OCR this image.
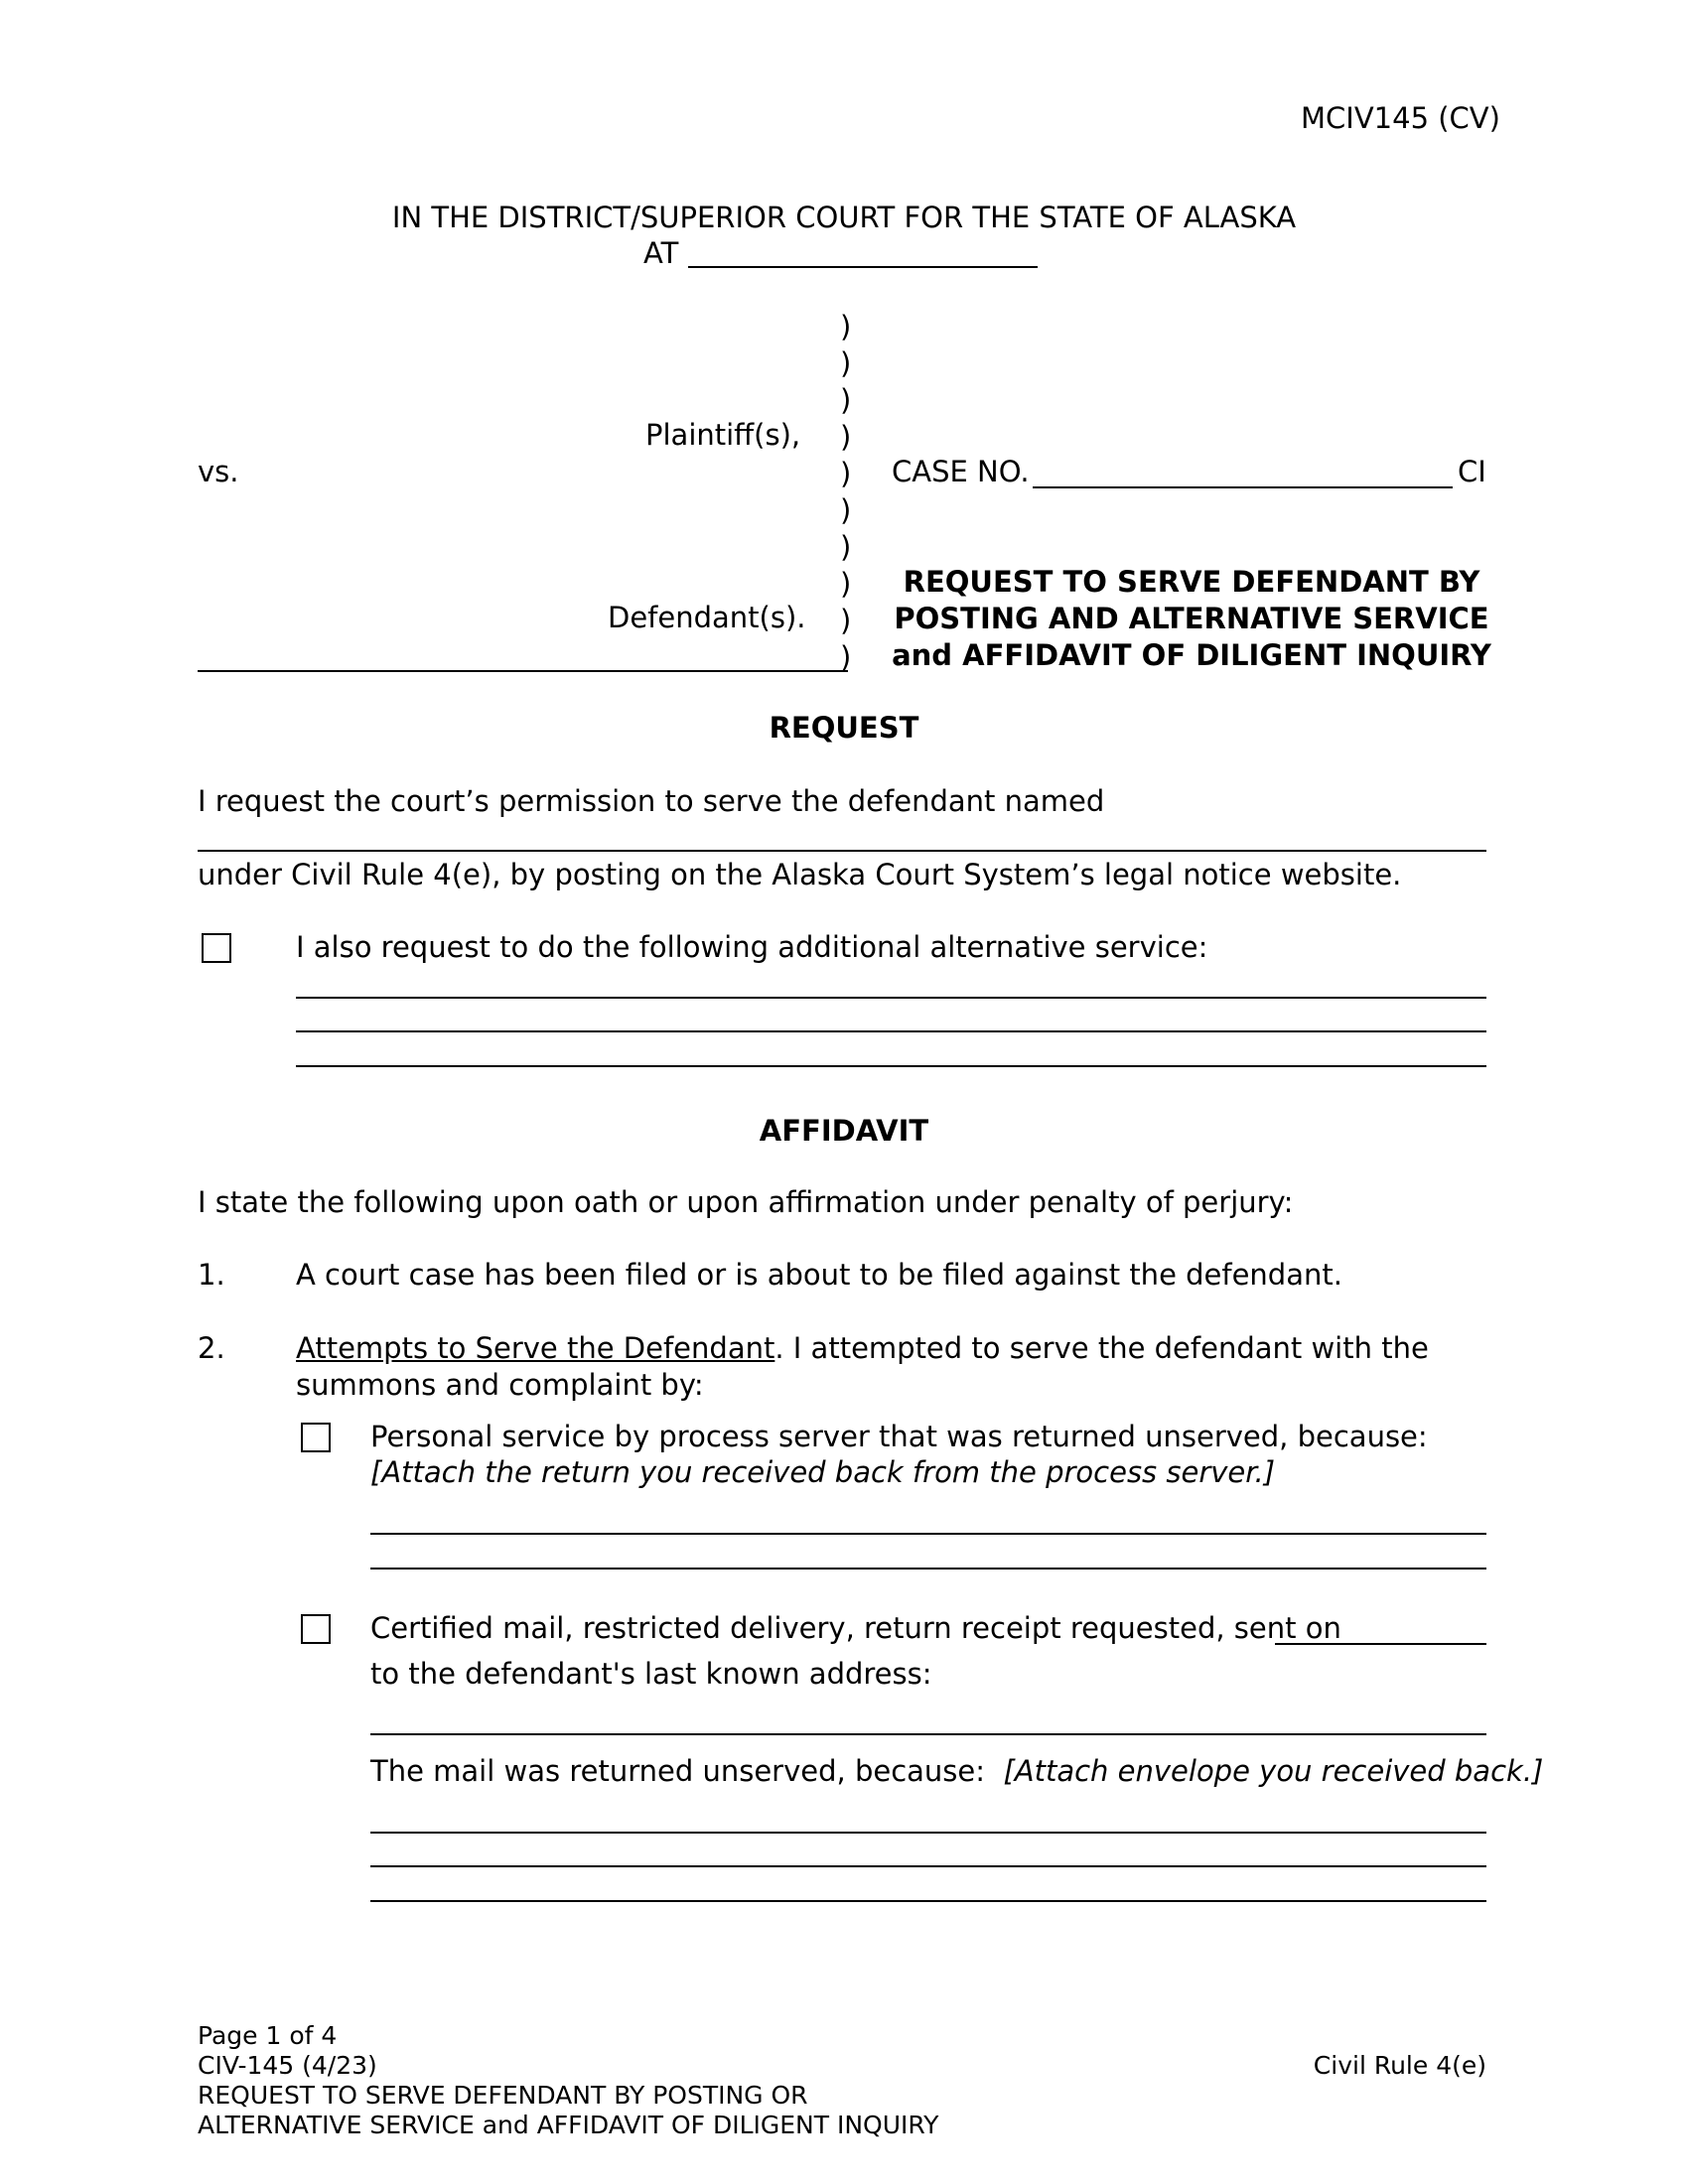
MCIV145 (CV)
IN THE DISTRICT/SUPERIOR COURT FOR THE STATE OF ALASKA
AT
)
)
)
)
)
)
)
)
)
)
Plaintiff(s),
vs.
Defendant(s).
CASE NO.	CI
REQUEST TO SERVE DEFENDANT BY
POSTING AND ALTERNATIVE SERVICE
and AFFIDAVIT OF DILIGENT INQUIRY
REQUEST
I request the court’s permission to serve the defendant named
under Civil Rule 4(e), by posting on the Alaska Court System’s legal notice website.
I also request to do the following additional alternative service:
AFFIDAVIT
I state the following upon oath or upon affirmation under penalty of perjury:
1. A court case has been filed or is about to be filed against the defendant.
2. Attempts to Serve the Defendant. I attempted to serve the defendant with the
summons and complaint by:
Personal service by process server that was returned unserved, because:
[Attach the return you received back from the process server.]
Certified mail, restricted delivery, return receipt requested, sent on
to the defendant's last known address:
The mail was returned unserved, because: [Attach envelope you received back.]
Page 1 of 4
CIV-145 (4/23)
REQUEST TO SERVE DEFENDANT BY POSTING OR
ALTERNATIVE SERVICE and AFFIDAVIT OF DILIGENT INQUIRY
Civil Rule 4(e)
